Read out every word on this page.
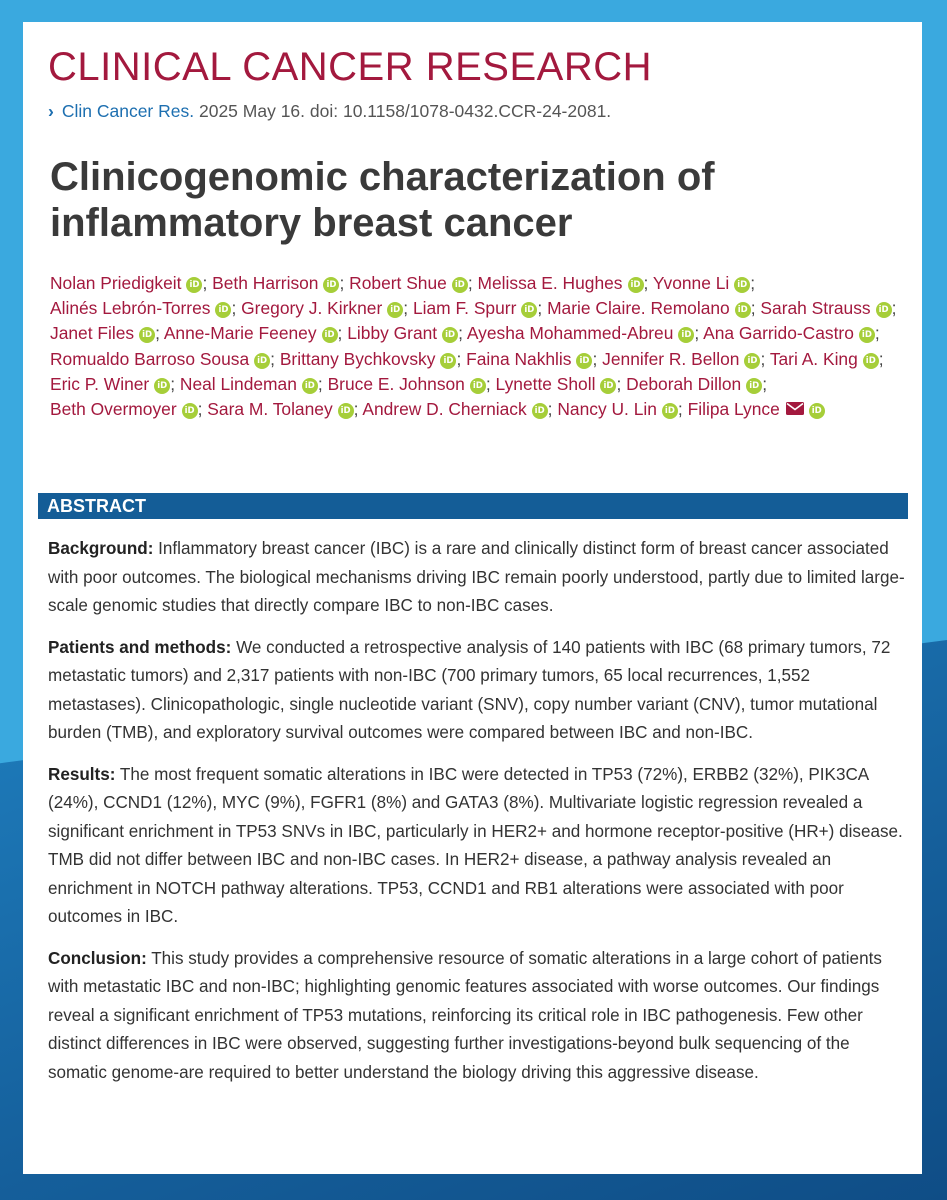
CLINICAL CANCER RESEARCH
› Clin Cancer Res. 2025 May 16. doi: 10.1158/1078-0432.CCR-24-2081.
Clinicogenomic characterization of inflammatory breast cancer
Nolan Priedigkeit iD ; Beth Harrison iD ; Robert Shue iD ; Melissa E. Hughes iD ; Yvonne Li iD ; Alinés Lebrón-Torres iD ; Gregory J. Kirkner iD ; Liam F. Spurr iD ; Marie Claire. Remolano iD ; Sarah Strauss iD ; Janet Files iD ; Anne-Marie Feeney iD ; Libby Grant iD ; Ayesha Mohammed-Abreu iD ; Ana Garrido-Castro iD ; Romualdo Barroso Sousa iD ; Brittany Bychkovsky iD ; Faina Nakhlis iD ; Jennifer R. Bellon iD ; Tari A. King iD ; Eric P. Winer iD ; Neal Lindeman iD ; Bruce E. Johnson iD ; Lynette Sholl iD ; Deborah Dillon iD ; Beth Overmoyer iD ; Sara M. Tolaney iD ; Andrew D. Cherniack iD ; Nancy U. Lin iD ; Filipa Lynce	iD
ABSTRACT

Background: Inflammatory breast cancer (IBC) is a rare and clinically distinct form of breast cancer associated with poor outcomes. The biological mechanisms driving IBC remain poorly understood, partly due to limited large-scale genomic studies that directly compare IBC to non-IBC cases.

Patients and methods: We conducted a retrospective analysis of 140 patients with IBC (68 primary tumors, 72 metastatic tumors) and 2,317 patients with non-IBC (700 primary tumors, 65 local recurrences, 1,552 metastases). Clinicopathologic, single nucleotide variant (SNV), copy number variant (CNV), tumor mutational burden (TMB), and exploratory survival outcomes were compared between IBC and non-IBC.

Results: The most frequent somatic alterations in IBC were detected in TP53 (72%), ERBB2 (32%), PIK3CA (24%), CCND1 (12%), MYC (9%), FGFR1 (8%) and GATA3 (8%). Multivariate logistic regression revealed a significant enrichment in TP53 SNVs in IBC, particularly in HER2+ and hormone receptor-positive (HR+) disease. TMB did not differ between IBC and non-IBC cases. In HER2+ disease, a pathway analysis revealed an enrichment in NOTCH pathway alterations. TP53, CCND1 and RB1 alterations were associated with poor outcomes in IBC.

Conclusion: This study provides a comprehensive resource of somatic alterations in a large cohort of patients with metastatic IBC and non-IBC; highlighting genomic features associated with worse outcomes. Our findings reveal a significant enrichment of TP53 mutations, reinforcing its critical role in IBC pathogenesis. Few other distinct differences in IBC were observed, suggesting further investigations-beyond bulk sequencing of the somatic genome-are required to better understand the biology driving this aggressive disease.
